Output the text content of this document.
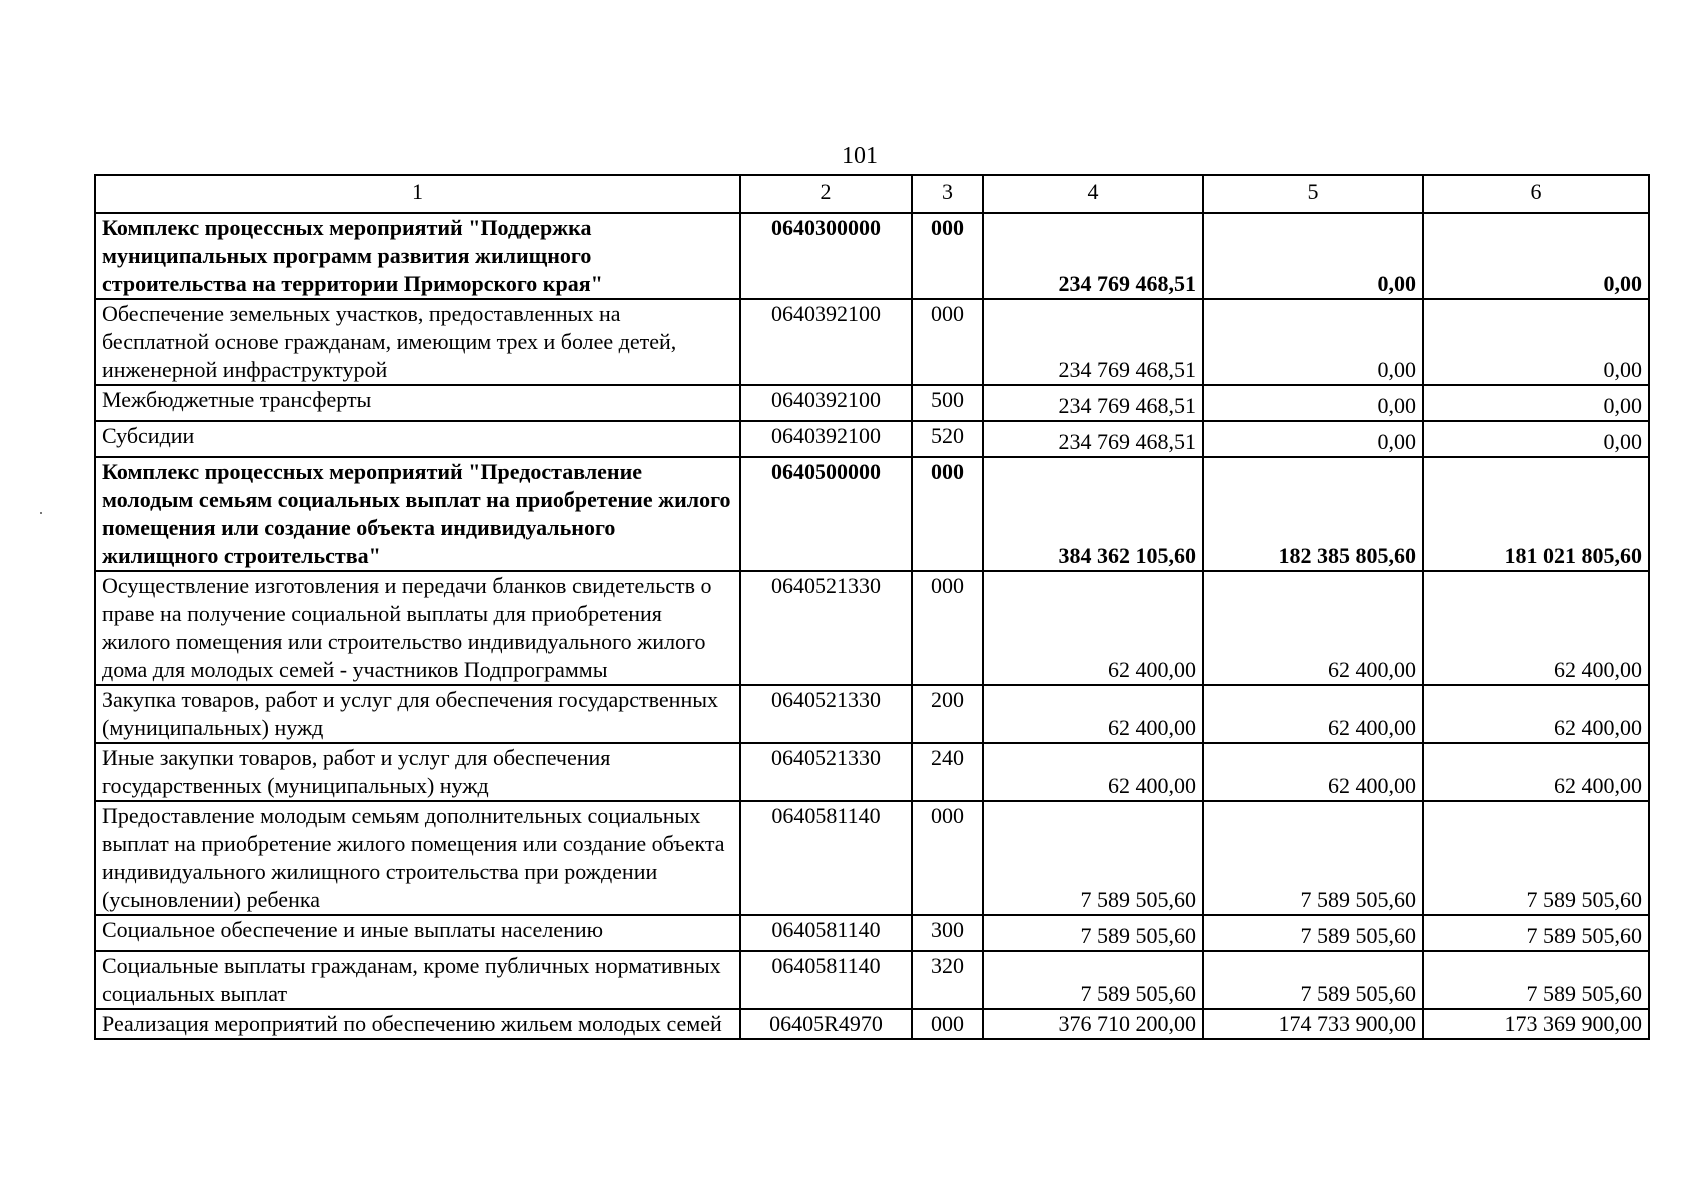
101
1	2	3	4	5	6
Комплекс процессных мероприятий "Поддержка муниципальных программ развития жилищного строительства на территории Приморского края"	0640300000	000	234 769 468,51	0,00	0,00
Обеспечение земельных участков, предоставленных на бесплатной основе гражданам, имеющим трех и более детей, инженерной инфраструктурой	0640392100	000	234 769 468,51	0,00	0,00
Межбюджетные трансферты	0640392100	500	234 769 468,51	0,00	0,00
Субсидии	0640392100	520	234 769 468,51	0,00	0,00
Комплекс процессных мероприятий "Предоставление молодым семьям социальных выплат на приобретение жилого помещения или создание объекта индивидуального жилищного строительства"	0640500000	000	384 362 105,60	182 385 805,60	181 021 805,60
Осуществление изготовления и передачи бланков свидетельств о праве на получение социальной выплаты для приобретения жилого помещения или строительство индивидуального жилого дома для молодых семей - участников Подпрограммы	0640521330	000	62 400,00	62 400,00	62 400,00
Закупка товаров, работ и услуг для обеспечения государственных (муниципальных) нужд	0640521330	200	62 400,00	62 400,00	62 400,00
Иные закупки товаров, работ и услуг для обеспечения государственных (муниципальных) нужд	0640521330	240	62 400,00	62 400,00	62 400,00
Предоставление молодым семьям дополнительных социальных выплат на приобретение жилого помещения или создание объекта индивидуального жилищного строительства при рождении (усыновлении) ребенка	0640581140	000	7 589 505,60	7 589 505,60	7 589 505,60
Социальное обеспечение и иные выплаты населению	0640581140	300	7 589 505,60	7 589 505,60	7 589 505,60
Социальные выплаты гражданам, кроме публичных нормативных социальных выплат	0640581140	320	7 589 505,60	7 589 505,60	7 589 505,60
Реализация мероприятий по обеспечению жильем молодых семей	06405R4970	000	376 710 200,00	174 733 900,00	173 369 900,00
